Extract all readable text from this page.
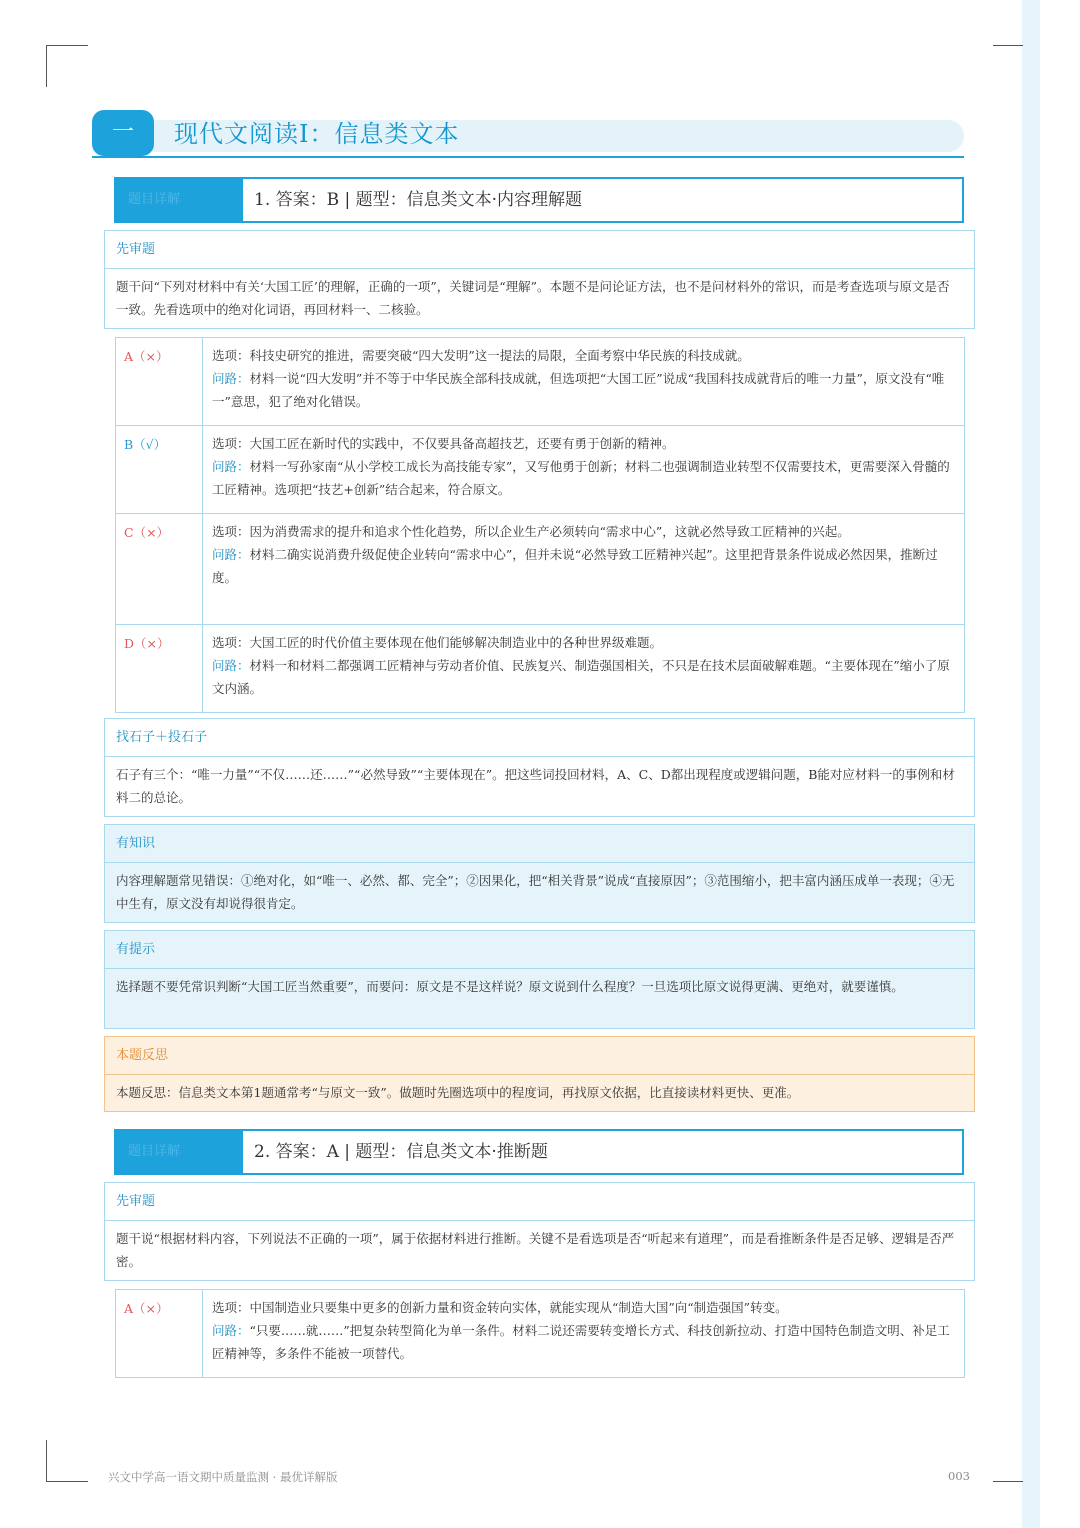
一	现代文阅读Ⅰ：信息类文本
题目详解	1. 答案：B | 题型：信息类文本·内容理解题
先审题
题干问“下列对材料中有关‘大国工匠’的理解，正确的一项”，关键词是“理解”。本题不是问论证方法，也不是问材料外的常识，而是考查选项与原文是否一致。先看选项中的绝对化词语，再回材料一、二核验。
A（×）	选项：科技史研究的推进，需要突破“四大发明”这一提法的局限，全面考察中华民族的科技成就。
问路：材料一说“四大发明”并不等于中华民族全部科技成就，但选项把“大国工匠”说成“我国科技成就背后的唯一力量”，原文没有“唯一”意思，犯了绝对化错误。
B（√）	选项：大国工匠在新时代的实践中，不仅要具备高超技艺，还要有勇于创新的精神。
问路：材料一写孙家南“从小学校工成长为高技能专家”，又写他勇于创新；材料二也强调制造业转型不仅需要技术，更需要深入骨髓的工匠精神。选项把“技艺+创新”结合起来，符合原文。
C（×）	选项：因为消费需求的提升和追求个性化趋势，所以企业生产必须转向“需求中心”，这就必然导致工匠精神的兴起。
问路：材料二确实说消费升级促使企业转向“需求中心”，但并未说“必然导致工匠精神兴起”。这里把背景条件说成必然因果，推断过度。
D（×）	选项：大国工匠的时代价值主要体现在他们能够解决制造业中的各种世界级难题。
问路：材料一和材料二都强调工匠精神与劳动者价值、民族复兴、制造强国相关，不只是在技术层面破解难题。“主要体现在”缩小了原文内涵。
找石子＋投石子
石子有三个：“唯一力量”“不仅……还……”“必然导致”“主要体现在”。把这些词投回材料，A、C、D都出现程度或逻辑问题，B能对应材料一的事例和材料二的总论。
有知识
内容理解题常见错误：①绝对化，如“唯一、必然、都、完全”；②因果化，把“相关背景”说成“直接原因”；③范围缩小，把丰富内涵压成单一表现；④无中生有，原文没有却说得很肯定。
有提示
选择题不要凭常识判断“大国工匠当然重要”，而要问：原文是不是这样说？原文说到什么程度？一旦选项比原文说得更满、更绝对，就要谨慎。
本题反思
本题反思：信息类文本第1题通常考“与原文一致”。做题时先圈选项中的程度词，再找原文依据，比直接读材料更快、更准。
题目详解	2. 答案：A | 题型：信息类文本·推断题
先审题
题干说“根据材料内容，下列说法不正确的一项”，属于依据材料进行推断。关键不是看选项是否“听起来有道理”，而是看推断条件是否足够、逻辑是否严密。
A（×）	选项：中国制造业只要集中更多的创新力量和资金转向实体，就能实现从“制造大国”向“制造强国”转变。
问路：“只要……就……”把复杂转型简化为单一条件。材料二说还需要转变增长方式、科技创新拉动、打造中国特色制造文明、补足工匠精神等，多条件不能被一项替代。
兴文中学高一语文期中质量监测 · 最优详解版	003
